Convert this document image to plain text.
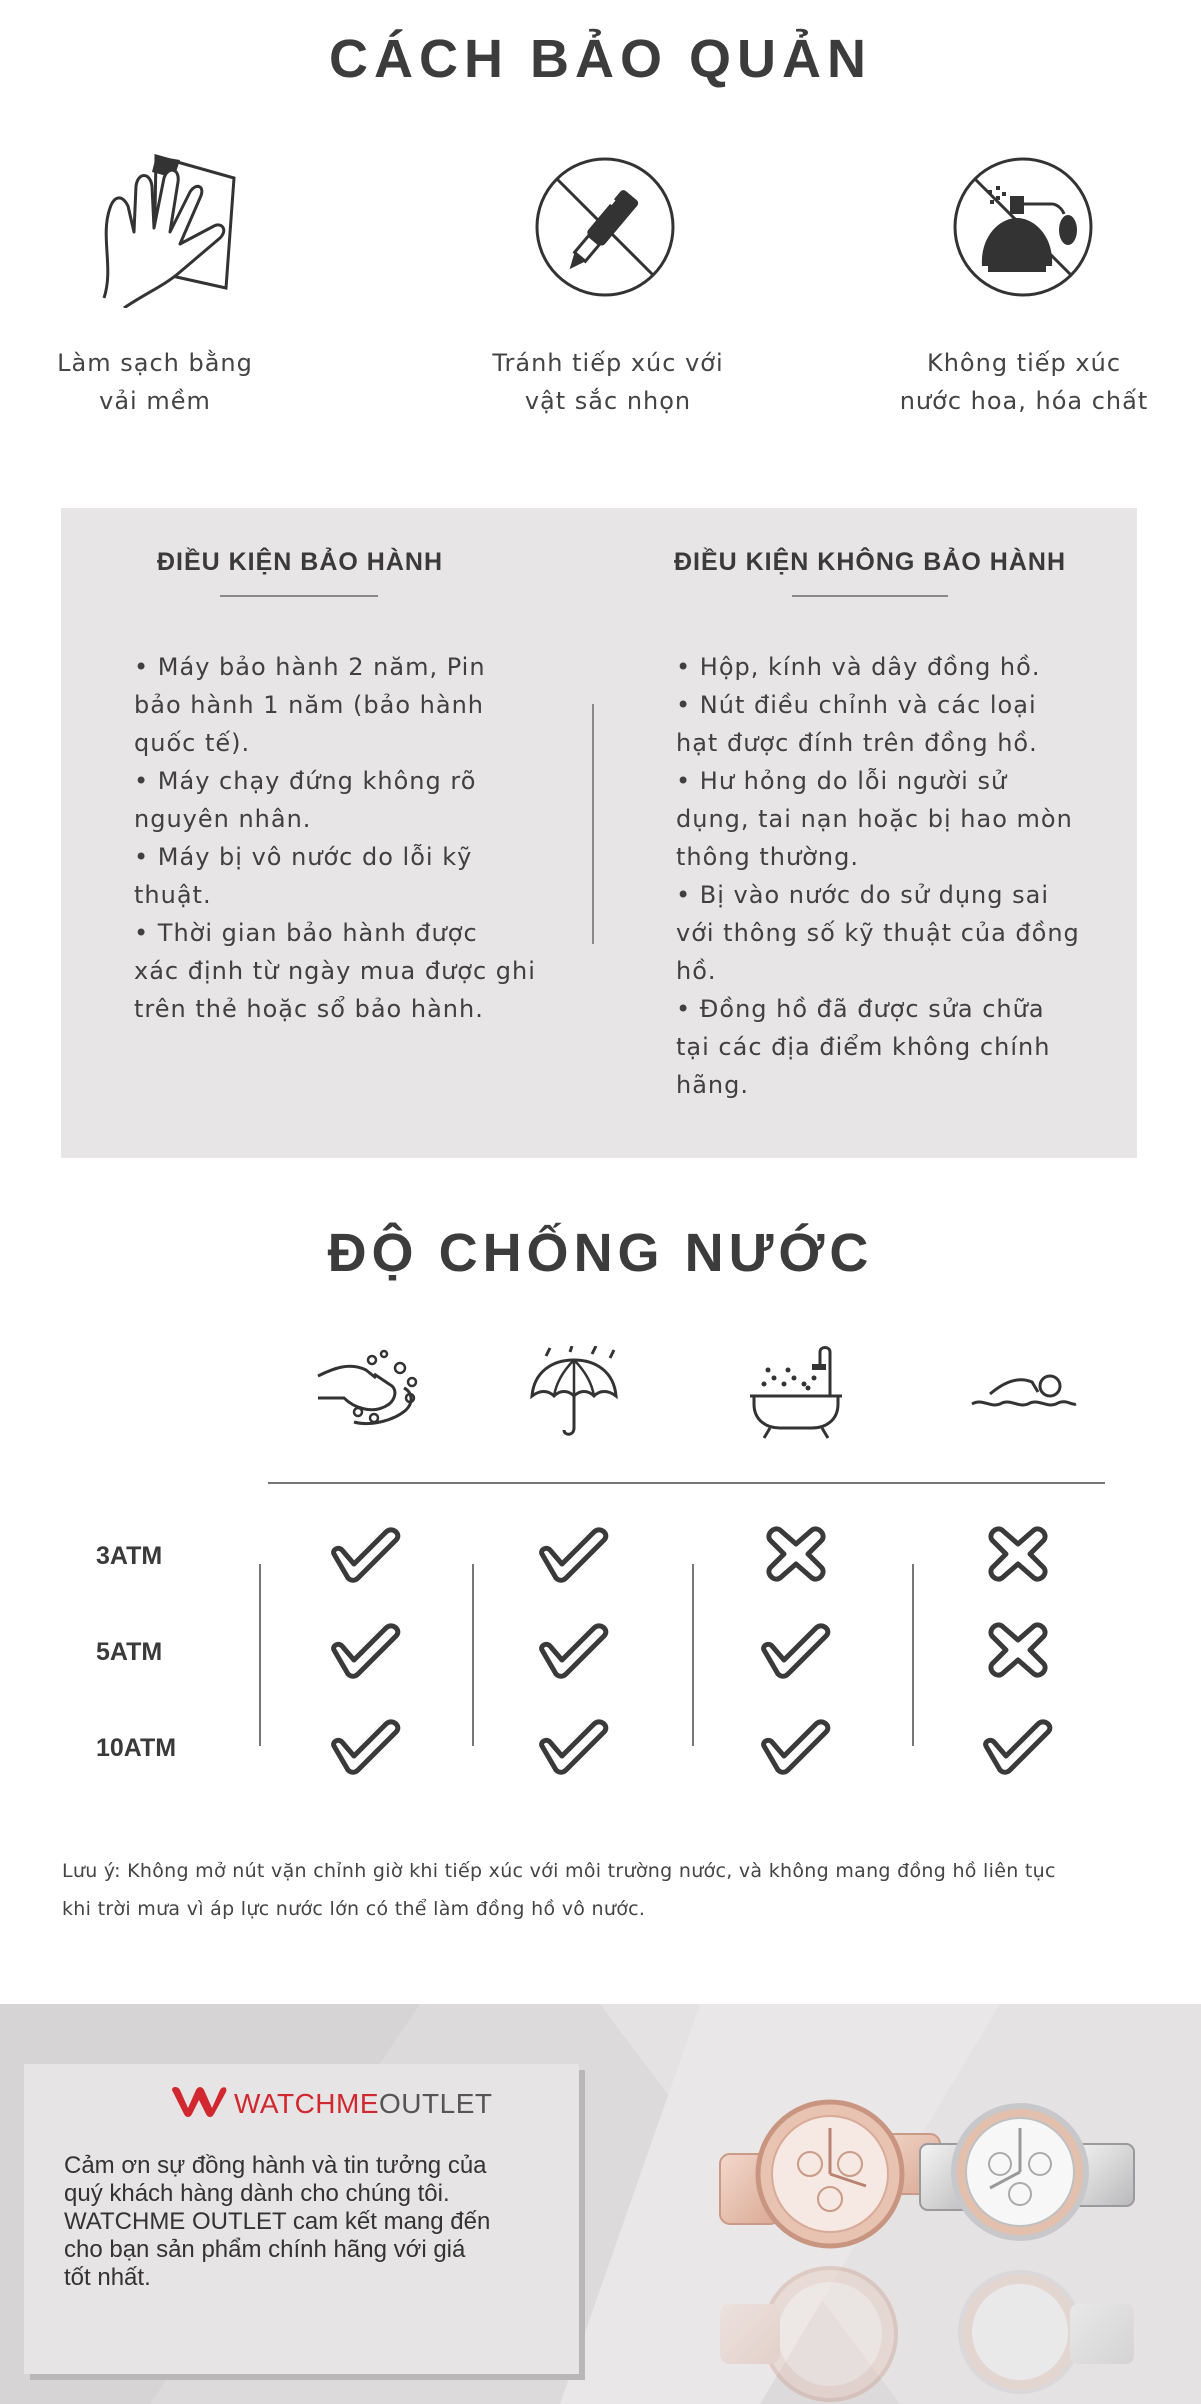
CÁCH BẢO QUẢN
Làm sạch bằng
vải mềm
Tránh tiếp xúc với
vật sắc nhọn
Không tiếp xúc
nước hoa, hóa chất
ĐIỀU KIỆN BẢO HÀNH
• Máy bảo hành 2 năm, Pin
bảo hành 1 năm (bảo hành
quốc tế).
• Máy chạy đứng không rõ
nguyên nhân.
• Máy bị vô nước do lỗi kỹ
thuật.
• Thời gian bảo hành được
xác định từ ngày mua được ghi
trên thẻ hoặc sổ bảo hành.
ĐIỀU KIỆN KHÔNG BẢO HÀNH
• Hộp, kính và dây đồng hồ.
• Nút điều chỉnh và các loại
hạt được đính trên đồng hồ.
• Hư hỏng do lỗi người sử
dụng, tai nạn hoặc bị hao mòn
thông thường.
• Bị vào nước do sử dụng sai
với thông số kỹ thuật của đồng
hồ.
• Đồng hồ đã được sửa chữa
tại các địa điểm không chính
hãng.
ĐỘ CHỐNG NƯỚC
3ATM
5ATM
10ATM
Lưu ý: Không mở nút vặn chỉnh giờ khi tiếp xúc với môi trường nước, và không mang đồng hồ liên tục
khi trời mưa vì áp lực nước lớn có thể làm đồng hồ vô nước.
WATCHMEOUTLET
Cảm ơn sự đồng hành và tin tưởng của
quý khách hàng dành cho chúng tôi.
WATCHME OUTLET cam kết mang đến
cho bạn sản phẩm chính hãng với giá
tốt nhất.
